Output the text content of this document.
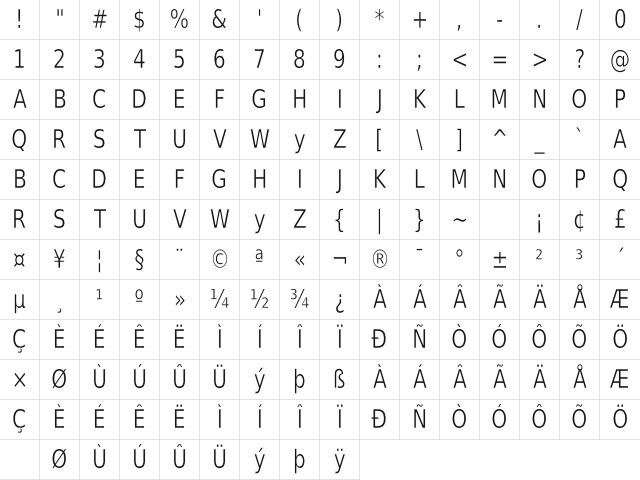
! " # $ % & ' ( ) * + , - . / 0
1 2 3 4 5 6 7 8 9 : ; < = > ? @
A B C D E F G H I J K L M N O P
Q R S T U V W y Z [ \ ] ^ _ ` A
B C D E F G H I J K L M N O P Q
R S T U V W y Z { | } ~	¡ ¢ £
¤ ¥ ¦ § ¨ © ª « ¬ ® ¯ ° ± ² ³ ´
µ ¸ ¹ º » ¼ ½ ¾ ¿ À Á Â Ã Ä Å Æ
Ç È É Ê Ë Ì Í Î Ï Ð Ñ Ò Ó Ô Õ Ö
× Ø Ù Ú Û Ü ý þ ß À Á Â Ã Ä Å Æ
Ç È É Ê Ë Ì Í Î Ï Ð Ñ Ò Ó Ô Õ Ö
Ø Ù Ú Û Ü ý þ ÿ
